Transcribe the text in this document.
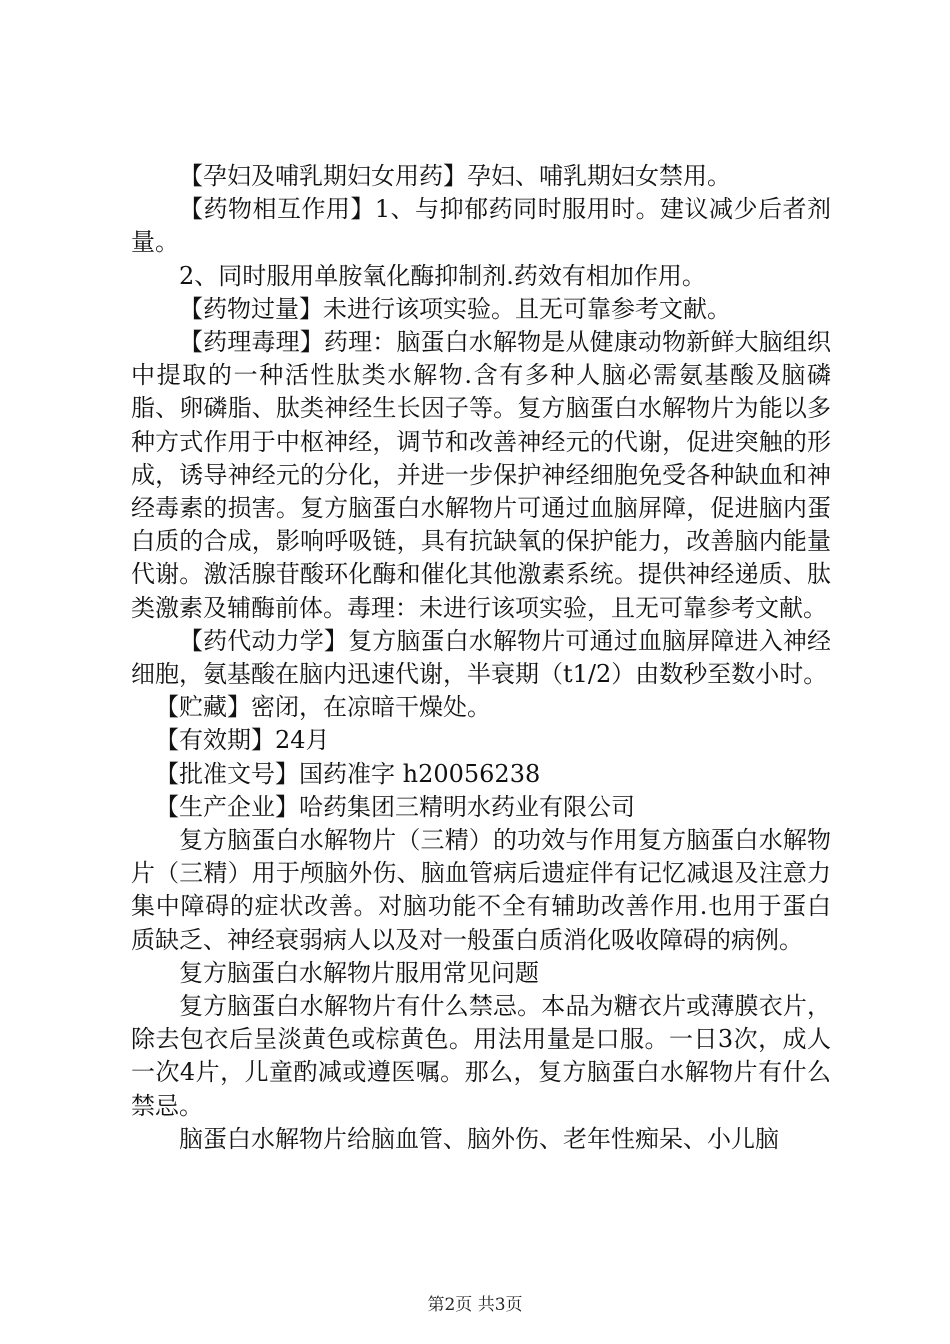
【孕妇及哺乳期妇女用药】孕妇、哺乳期妇女禁用。

【药物相互作用】1、与抑郁药同时服用时。建议减少后者剂量。

2、同时服用单胺氧化酶抑制剂.药效有相加作用。

【药物过量】未进行该项实验。且无可靠参考文献。

【药理毒理】药理：脑蛋白水解物是从健康动物新鲜大脑组织中提取的一种活性肽类水解物.含有多种人脑必需氨基酸及脑磷脂、卵磷脂、肽类神经生长因子等。复方脑蛋白水解物片为能以多种方式作用于中枢神经，调节和改善神经元的代谢，促进突触的形成，诱导神经元的分化，并进一步保护神经细胞免受各种缺血和神经毒素的损害。复方脑蛋白水解物片可通过血脑屏障，促进脑内蛋白质的合成，影响呼吸链，具有抗缺氧的保护能力，改善脑内能量代谢。激活腺苷酸环化酶和催化其他激素系统。提供神经递质、肽类激素及辅酶前体。毒理：未进行该项实验，且无可靠参考文献。

【药代动力学】复方脑蛋白水解物片可通过血脑屏障进入神经细胞，氨基酸在脑内迅速代谢，半衰期（t1/2）由数秒至数小时。

【贮藏】密闭，在凉暗干燥处。

【有效期】24月

【批准文号】国药准字 h20056238

【生产企业】哈药集团三精明水药业有限公司

复方脑蛋白水解物片（三精）的功效与作用复方脑蛋白水解物片（三精）用于颅脑外伤、脑血管病后遗症伴有记忆减退及注意力集中障碍的症状改善。对脑功能不全有辅助改善作用.也用于蛋白质缺乏、神经衰弱病人以及对一般蛋白质消化吸收障碍的病例。

复方脑蛋白水解物片服用常见问题

复方脑蛋白水解物片有什么禁忌。本品为糖衣片或薄膜衣片，除去包衣后呈淡黄色或棕黄色。用法用量是口服。一日3次，成人一次4片，儿童酌减或遵医嘱。那么，复方脑蛋白水解物片有什么禁忌。

脑蛋白水解物片给脑血管、脑外伤、老年性痴呆、小儿脑

第2页 共3页
